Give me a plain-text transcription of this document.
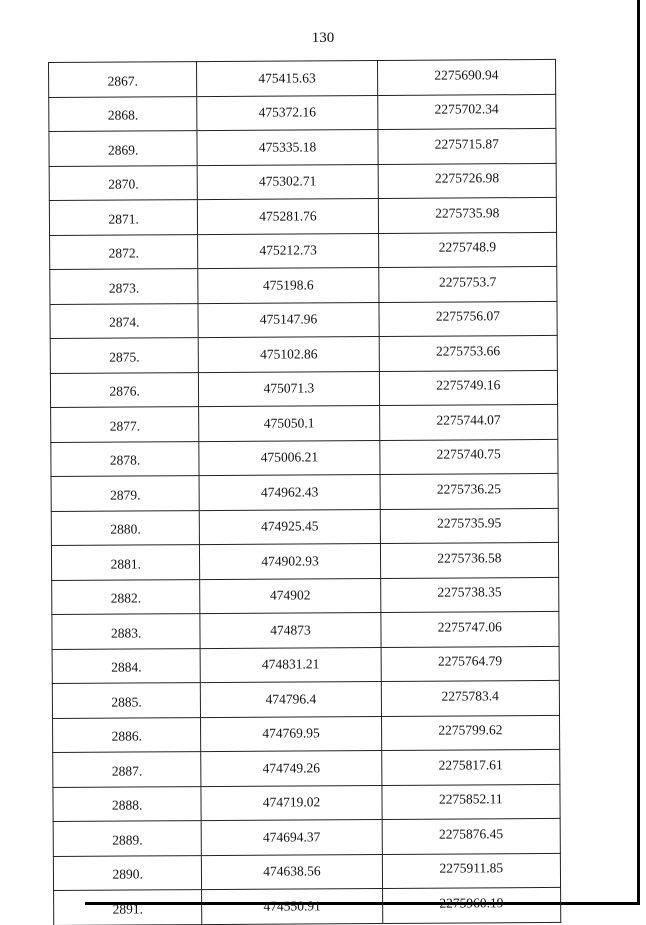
130
2867.	475415.63	2275690.94
2868.	475372.16	2275702.34
2869.	475335.18	2275715.87
2870.	475302.71	2275726.98
2871.	475281.76	2275735.98
2872.	475212.73	2275748.9
2873.	475198.6	2275753.7
2874.	475147.96	2275756.07
2875.	475102.86	2275753.66
2876.	475071.3	2275749.16
2877.	475050.1	2275744.07
2878.	475006.21	2275740.75
2879.	474962.43	2275736.25
2880.	474925.45	2275735.95
2881.	474902.93	2275736.58
2882.	474902	2275738.35
2883.	474873	2275747.06
2884.	474831.21	2275764.79
2885.	474796.4	2275783.4
2886.	474769.95	2275799.62
2887.	474749.26	2275817.61
2888.	474719.02	2275852.11
2889.	474694.37	2275876.45
2890.	474638.56	2275911.85
2891.	474550.91	2275960.19
